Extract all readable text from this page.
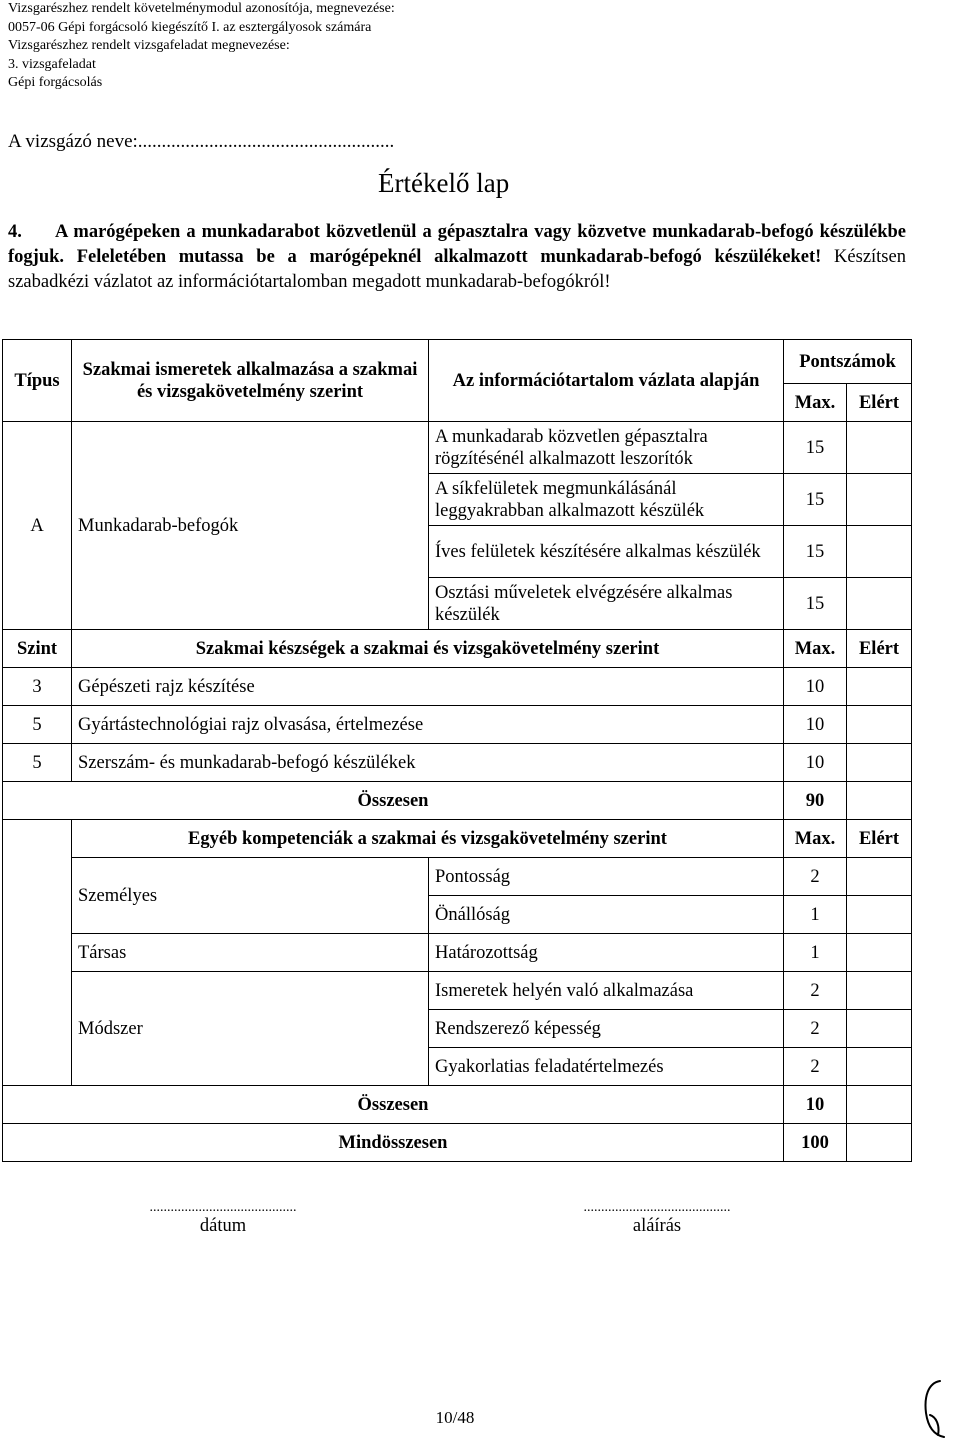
Vizsgarészhez rendelt követelménymodul azonosítója, megnevezése:
0057-06 Gépi forgácsoló kiegészítő I. az esztergályosok számára
Vizsgarészhez rendelt vizsgafeladat megnevezése:
3. vizsgafeladat
Gépi forgácsolás
A vizsgázó neve:......................................................
Értékelő lap
4. A marógépeken a munkadarabot közvetlenül a gépasztalra vagy közvetve munkadarab-befogó készülékbe fogjuk. Feleletében mutassa be a marógépeknél alkalmazott munkadarab-befogó készülékeket! Készítsen szabadkézi vázlatot az információtartalomban megadott munkadarab-befogókról!
Típus	Szakmai ismeretek alkalmazása a szakmai és vizsgakövetelmény szerint	Az információtartalom vázlata alapján	Pontszámok	
			Max.	Elért
A	Munkadarab-befogók	A munkadarab közvetlen gépasztalra rögzítésénél alkalmazott leszorítók	15	
		A síkfelületek megmunkálásánál leggyakrabban alkalmazott készülék	15	
		Íves felületek készítésére alkalmas készülék	15	
		Osztási műveletek elvégzésére alkalmas készülék	15	
Szint	Szakmai készségek a szakmai és vizsgakövetelmény szerint		Max.	Elért
3	Gépészeti rajz készítése		10	
5	Gyártástechnológiai rajz olvasása, értelmezése		10	
5	Szerszám- és munkadarab-befogó készülékek		10	
Összesen			90	
	Egyéb kompetenciák a szakmai és vizsgakövetelmény szerint		Max.	Elért
	Személyes	Pontosság	2	
		Önállóság	1	
	Társas	Határozottság	1	
	Módszer	Ismeretek helyén való alkalmazása	2	
		Rendszerező képesség	2	
		Gyakorlatias feladatértelmezés	2	
Összesen			10	
Mindösszesen			100	
..........................................
dátum
..........................................
aláírás
10/48
